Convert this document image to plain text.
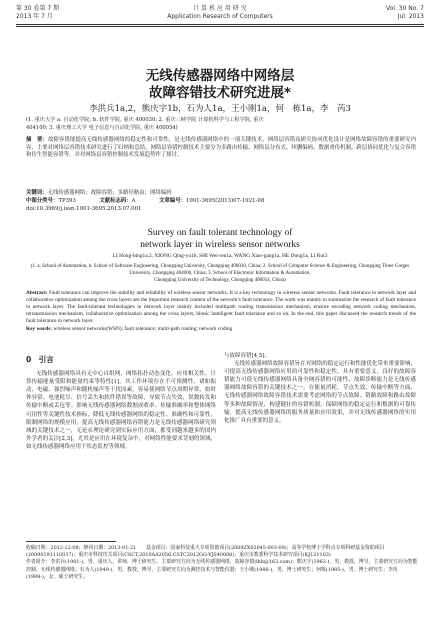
第 30 卷第 7 期
2013 年 7 月
计 算 机 应 用 研 究
Application Research of Computers
Vol. 30 No. 7
Jul. 2013
无线传感器网络中网络层
故障容错技术研究进展*
李洪兵1a,2，熊庆宇1b，石为人1a，王小刚1a，何　栋1a，李　芮3
(1. 重庆大学 a. 自动化学院; b. 软件学院, 重庆 400030; 2. 重庆三峡学院 计算机科学与工程学院, 重庆
404100; 3. 重庆理工大学 电子信息与自动化学院, 重庆 400054)
摘　要：故障容错能提高无线传感器网络的稳定性和可靠性，是无线传感器网络中的一项关键技术。网络层容错及研究协同优化设计是网络故障容错的重要研究内容，主要对网络层容错技术研究进行了归纳和总结。网络层容错控制技术主要分为多路由传输、网络层分布式、纠删编码、数据重传机制、跨层协同优化与复合容错和仿生智能容错等，并对网络层容错控制技术发展趋势作了探讨。
关键词：无线传感器网络；故障容错；多路径路由；网络编码
中图分类号：TP393	文献标志码：A	文章编号：1001-3695(2013)07-1921-08
doi:10.3969/j.issn.1001-3695.2013.07.001
Survey on fault tolerant technology of
network layer in wireless sensor networks
LI Hong-bing1a,2, XIONG Qing-yu1b, SHI Wei-ren1a, WANG Xiao-gang1a, HE Dong1a, LI Rui3
(1. a. School of Automation, b. School of Software Engineering, Chongqing University, Chongqing 400030, China; 2. School of Computer Science & Engineering, Chongqing Three Gorges University, Chongqing 404000, China; 3. School of Electronic Information & Automation,
Chongqing University of Technology, Chongqing 400054, China)
Abstract: Fault tolerance can improve the stability and reliability of wireless sensor networks. It is a key technology in wireless sensor networks. Fault tolerance in network layer and collaborative optimization among the cross layers are the important research content of the network's fault tolerance. The work was mainly to summarize the research of fault tolerance in network layer. The fault-tolerant technologies in network layer mainly included multipath routing transmission mechanism, erasure encoding network coding mechanism, retransmission mechanism, collaborative optimization among the cross layers, bionic intelligent fault tolerance and so on. In the end, this paper discussed the research trends of the fault tolerance in network layer.
Key words: wireless sensor networks(WSN); fault tolerance; multi-path routing; network coding
0　引言

无线传感器网络具有无中心自组网、网络拓扑动态变化、应用相关性、计算传输能量受限和能量约束等特性[1]。其工作环境存在不可预测性，诸如振动、电磁、强烈噪声和随机噪声等干扰因素，容易使网络节点周期异常，如时钟异常、电池耗尽、信号丢失和软件错误等故障，导致节点失效、误数转发和传输中断或丢包等。影响无线传感器网络数据成收率、传输准确率和整体网络可用性等关键性技术指标，降低无线传感器网络的稳定性、准确性和可靠性，限制网络的规模应用，提高无线传感器网络容错能力是无线传感器网络研究领域的关键技术之一，无论从理论研究到实际应用方面，都受到越来越多的国内外学者的关注[2,3]。尤其是应用在环境复杂中，对网络性能要求苛刻的领域，如无线传感器网络应用于状态监控等领域。

与故障容错[4,5]。

无线传感器网络故障容错旨在对网络的稳定运行和性能优化带来重要影响，可提高无线传感器网络应用的可靠性和稳定性，具有重要意义。良好的故障容错能力可使无线传感器网络具备全网容错的可能性，故障诊断能力是无线传感器网络故障容错的关键技术之一。在能量消耗、节点失效、传输中断等方面，无线传感器网络故障容错技术需要考虑网络的节点故障、链路故障和路由故障等多种故障情况，构建健壮的容错机制，保障网络的稳定运行和数据的可靠传输，提高无线传感器网络的服务质量和应用效果，并对无线传感器网络的实用化推广具有重要的意义。

收稿日期：2012-12-08；修回日期：2013-01-21　　基金项目：国家科技重大专项资助项目(2009ZX02045-003-09)；高等学校博士学科点专项科研基金资助项目(20090191110037)；重庆市科技攻关项目(CSCT,2010AA2056,CSTC2012GG-YJS40008)；重庆市教委科学技术研究项目(KJ121103)
作者简介：李洪兵(1981-)，男，重庆人，讲师，博士研究生，主要研究方向为无线传感器网络、故障容错(lhb@163.com)；熊庆宇(1962-)，男，教授，博导，主要研究方向为智能控制、无线传感器网络；石为人(1949-)，男，教授，博导，主要研究方向为测控技术与智能仪器；王小刚(1986-)，男，博士研究生；何栋(1985-)，男，博士研究生；李芮(1988-)，女，硕士研究生。
